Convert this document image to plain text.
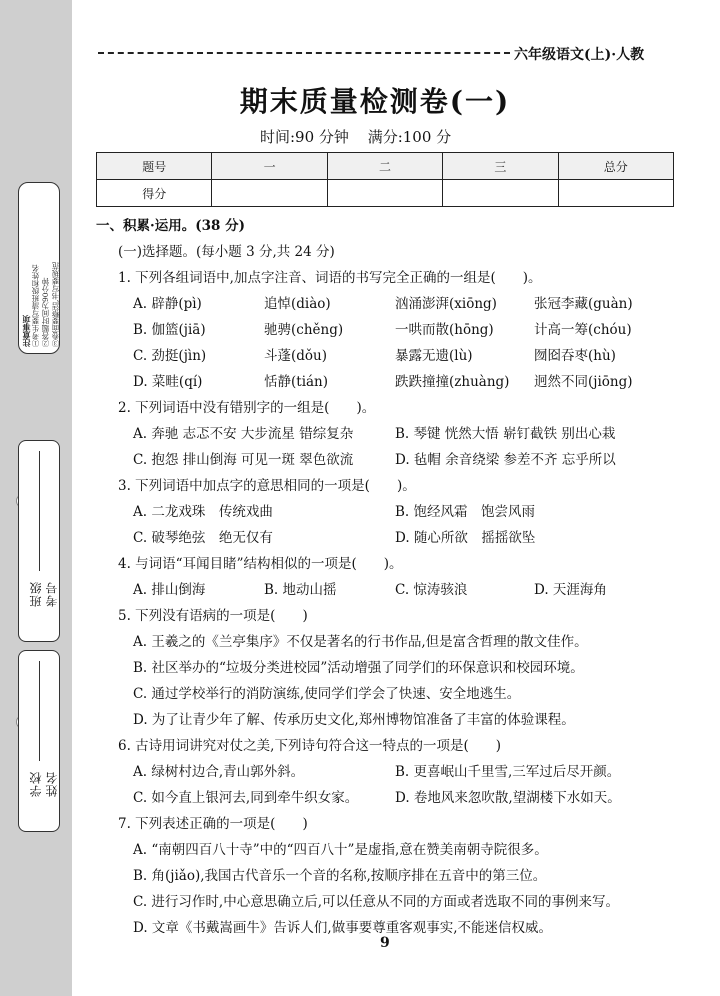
注意事项
①考生要写清班级和姓名
②答题时间为90分钟
③卷面要整洁,书写要规范
班级 考号
学校 姓名
六年级语文(上)·人教
期末质量检测卷(一)
时间:90 分钟 满分:100 分
题号	一	二	三	总分
得分				
一、积累·运用。(38 分)
(一)选择题。(每小题 3 分,共 24 分)
1. 下列各组词语中,加点字注音、词语的书写完全正确的一组是(　　)。
A. 辟静(pì)	追悼(diào)	汹涌澎湃(xiōng)	张冠李藏(guàn)
B. 伽篮(jiā)	驰骋(chěng)	一哄而散(hōng)	计高一筹(chóu)
C. 劲挺(jìn)	斗蓬(dǒu)	暴露无遗(lù)	囫囵吞枣(hù)
D. 菜畦(qí)	恬静(tián)	跌跌撞撞(zhuàng) 迥然不同(jiōng)
2. 下列词语中没有错别字的一组是(　　)。
A. 奔驰 志忑不安 大步流星 错综复杂	B. 琴键 恍然大悟 崭钉截铁 别出心栽
C. 抱怨 排山倒海 可见一斑 翠色欲流	D. 毡帽 余音绕梁 参差不齐 忘乎所以
3. 下列词语中加点字的意思相同的一项是(　　)。
A. 二龙戏珠　传统戏曲	B. 饱经风霜　饱尝风雨
C. 破琴绝弦　绝无仅有	D. 随心所欲　摇摇欲坠
4. 与词语“耳闻目睹”结构相似的一项是(　　)。
A. 排山倒海	B. 地动山摇	C. 惊涛骇浪	D. 天涯海角
5. 下列没有语病的一项是(　　)
A. 王羲之的《兰亭集序》不仅是著名的行书作品,但是富含哲理的散文佳作。
B. 社区举办的“垃圾分类进校园”活动增强了同学们的环保意识和校园环境。
C. 通过学校举行的消防演练,使同学们学会了快速、安全地逃生。
D. 为了让青少年了解、传承历史文化,郑州博物馆准备了丰富的体验课程。
6. 古诗用词讲究对仗之美,下列诗句符合这一特点的一项是(　　)
A. 绿树村边合,青山郭外斜。	B. 更喜岷山千里雪,三军过后尽开颜。
C. 如今直上银河去,同到牵牛织女家。	D. 卷地风来忽吹散,望湖楼下水如天。
7. 下列表述正确的一项是(　　)
A. “南朝四百八十寺”中的“四百八十”是虚指,意在赞美南朝寺院很多。
B. 角(jiǎo),我国古代音乐一个音的名称,按顺序排在五音中的第三位。
C. 进行习作时,中心意思确立后,可以任意从不同的方面或者选取不同的事例来写。
D. 文章《书戴嵩画牛》告诉人们,做事要尊重客观事实,不能迷信权威。
9
